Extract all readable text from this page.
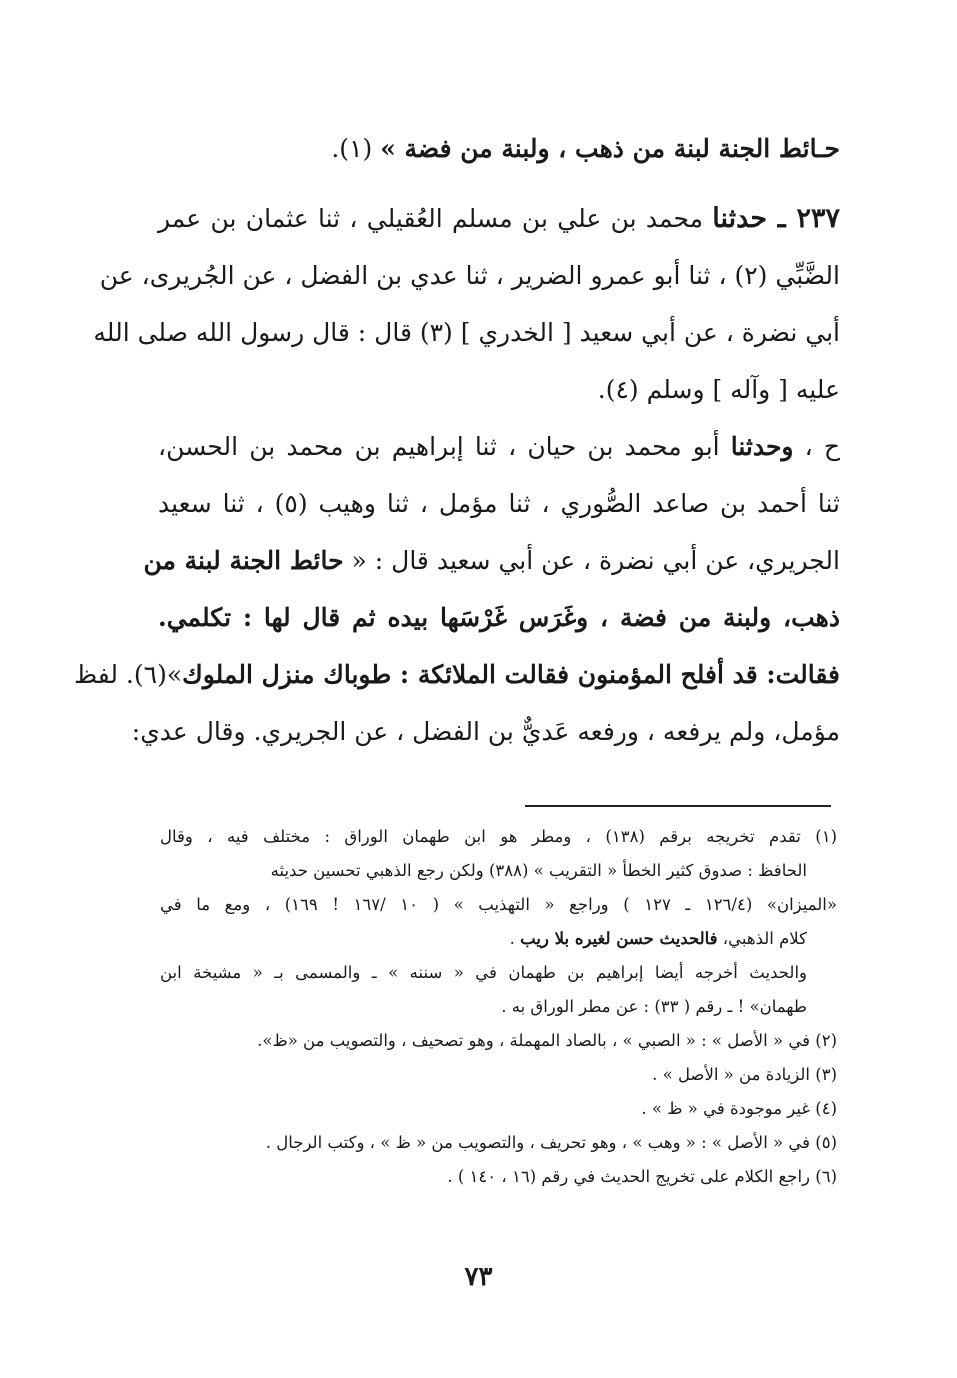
حـائط الجنة لبنة من ذهب ، ولبنة من فضة » (١).
٢٣٧ ـ حدثنا محمد بن علي بن مسلم العُقيلي ، ثنا عثمان بن عمر
الضَّبِّي (٢) ، ثنا أبو عمرو الضرير ، ثنا عدي بن الفضل ، عن الجُريرى، عن
أبي نضرة ، عن أبي سعيد [ الخدري ] (٣) قال : قال رسول الله صلى الله
عليه [ وآله ] وسلم (٤).
ح ، وحدثنا أبو محمد بن حيان ، ثنا إبراهيم بن محمد بن الحسن،
ثنا أحمد بن صاعد الصُّوري ، ثنا مؤمل ، ثنا وهيب (٥) ، ثنا سعيد
الجريري، عن أبي نضرة ، عن أبي سعيد قال : « حائط الجنة لبنة من
ذهب، ولبنة من فضة ، وغَرَس غَرْسَها بيده ثم قال لها : تكلمي.
فقالت: قد أفلح المؤمنون فقالت الملائكة : طوباك منزل الملوك»(٦). لفظ
مؤمل، ولم يرفعه ، ورفعه عَديٌّ بن الفضل ، عن الجريري. وقال عدي:
(١) تقدم تخريجه برقم (١٣٨) ، ومطر هو ابن طهمان الوراق : مختلف فيه ، وقال
الحافظ : صدوق كثير الخطأ « التقريب » (٣٨٨) ولكن رجع الذهبي تحسين حديثه
«الميزان» (١٢٦/٤ ـ ١٢٧ ) وراجع « التهذيب » ( ١٠ /١٦٧ ! ١٦٩) ، ومع ما في
كلام الذهبي، فالحديث حسن لغيره بلا ريب .
والحديث أخرجه أيضا إبراهيم بن طهمان في « سننه » ـ والمسمى بـ « مشيخة ابن
طهمان» ! ـ رقم ( ٣٣) : عن مطر الوراق به .
(٢) في « الأصل » : « الصبي » ، بالصاد المهملة ، وهو تصحيف ، والتصويب من «ظ».
(٣) الزيادة من « الأصل » .
(٤) غير موجودة في « ظ » .
(٥) في « الأصل » : « وهب » ، وهو تحريف ، والتصويب من « ظ » ، وكتب الرجال .
(٦) راجع الكلام على تخريج الحديث في رقم (١٦ ، ١٤٠ ) .
٧٣
